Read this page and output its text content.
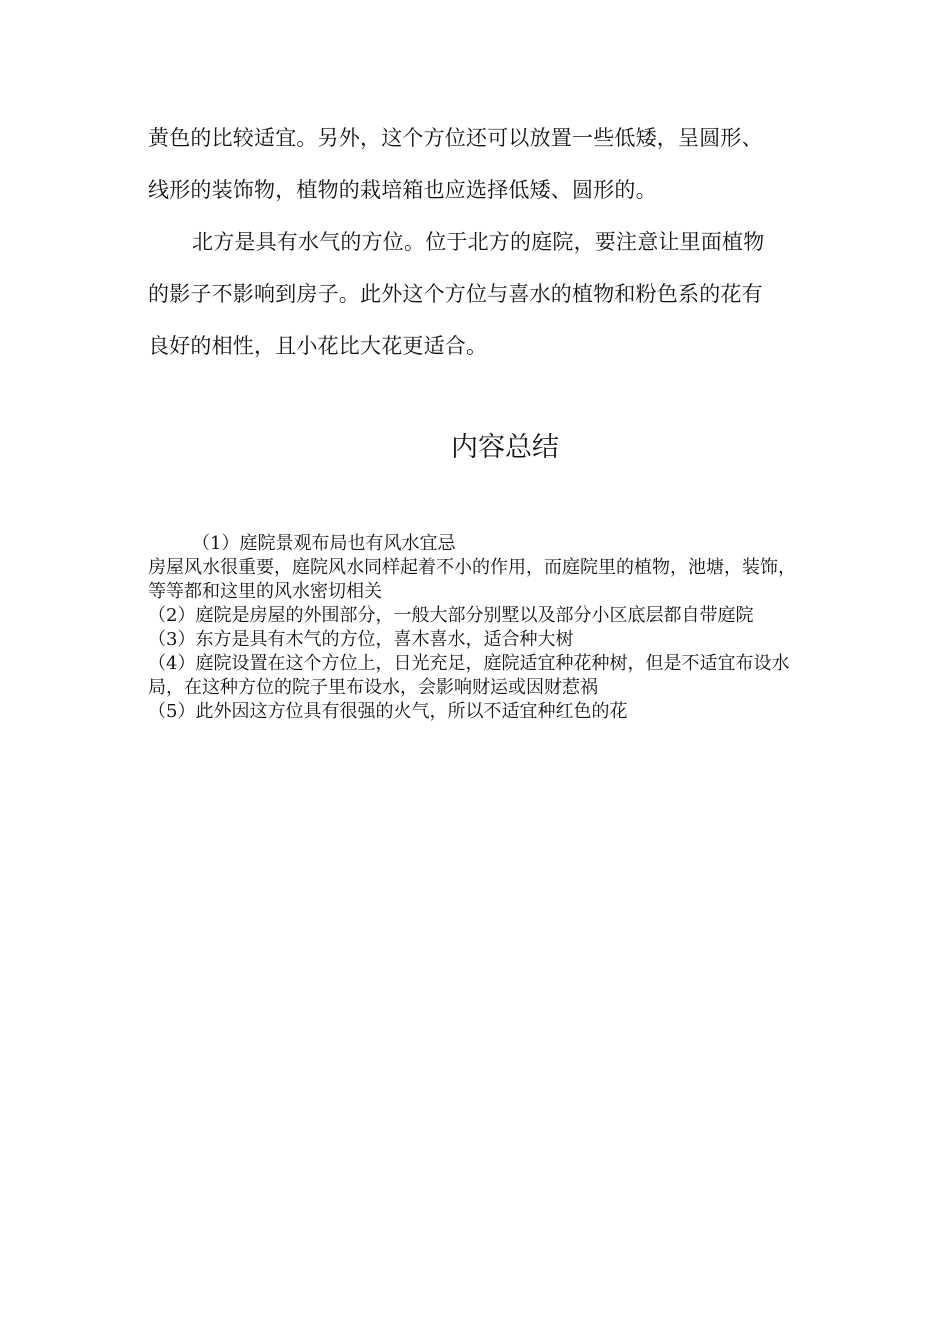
黄色的比较适宜。另外，这个方位还可以放置一些低矮，呈圆形、
线形的装饰物，植物的栽培箱也应选择低矮、圆形的。
北方是具有水气的方位。位于北方的庭院，要注意让里面植物
的影子不影响到房子。此外这个方位与喜水的植物和粉色系的花有
良好的相性，且小花比大花更适合。
内容总结

（1）庭院景观布局也有风水宜忌

房屋风水很重要，庭院风水同样起着不小的作用，而庭院里的植物，池塘，装饰，等等都和这里的风水密切相关

（2）庭院是房屋的外围部分，一般大部分别墅以及部分小区底层都自带庭院

（3）东方是具有木气的方位，喜木喜水，适合种大树

（4）庭院设置在这个方位上，日光充足，庭院适宜种花种树，但是不适宜布设水局，在这种方位的院子里布设水，会影响财运或因财惹祸

（5）此外因这方位具有很强的火气，所以不适宜种红色的花
